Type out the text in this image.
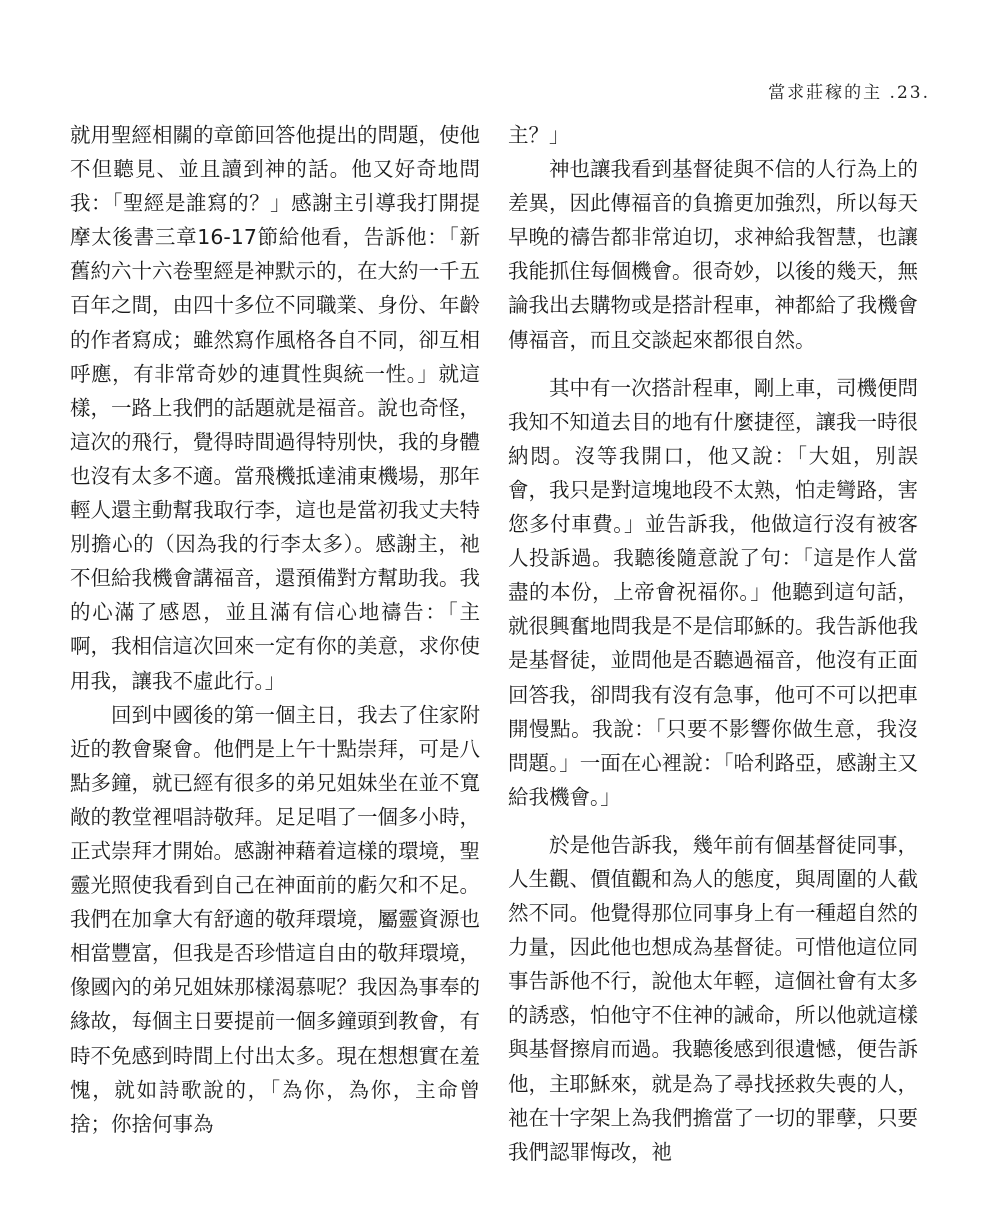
當求莊稼的主 .23.

就用聖經相關的章節回答他提出的問題，使他不但聽見、並且讀到神的話。他又好奇地問我：「聖經是誰寫的？」感謝主引導我打開提摩太後書三章16-17節給他看，告訴他：「新舊約六十六卷聖經是神默示的，在大約一千五百年之間，由四十多位不同職業、身份、年齡的作者寫成；雖然寫作風格各自不同，卻互相呼應，有非常奇妙的連貫性與統一性。」就這樣，一路上我們的話題就是福音。說也奇怪，這次的飛行，覺得時間過得特別快，我的身體也沒有太多不適。當飛機抵達浦東機場，那年輕人還主動幫我取行李，這也是當初我丈夫特別擔心的（因為我的行李太多）。感謝主，祂不但給我機會講福音，還預備對方幫助我。我的心滿了感恩，並且滿有信心地禱告：「主啊，我相信這次回來一定有你的美意，求你使用我，讓我不虛此行。」

回到中國後的第一個主日，我去了住家附近的教會聚會。他們是上午十點崇拜，可是八點多鐘，就已經有很多的弟兄姐妹坐在並不寬敞的教堂裡唱詩敬拜。足足唱了一個多小時，正式崇拜才開始。感謝神藉着這樣的環境，聖靈光照使我看到自己在神面前的虧欠和不足。我們在加拿大有舒適的敬拜環境，屬靈資源也相當豐富，但我是否珍惜這自由的敬拜環境，像國內的弟兄姐妹那樣渴慕呢？我因為事奉的緣故，每個主日要提前一個多鐘頭到教會，有時不免感到時間上付出太多。現在想想實在羞愧，就如詩歌說的，「為你，為你，主命曾捨；你捨何事為

主？」

神也讓我看到基督徒與不信的人行為上的差異，因此傳福音的負擔更加強烈，所以每天早晚的禱告都非常迫切，求神給我智慧，也讓我能抓住每個機會。很奇妙，以後的幾天，無論我出去購物或是搭計程車，神都給了我機會傳福音，而且交談起來都很自然。

其中有一次搭計程車，剛上車，司機便問我知不知道去目的地有什麼捷徑，讓我一時很納悶。沒等我開口，他又說：「大姐，別誤會，我只是對這塊地段不太熟，怕走彎路，害您多付車費。」並告訴我，他做這行沒有被客人投訴過。我聽後隨意說了句：「這是作人當盡的本份，上帝會祝福你。」他聽到這句話，就很興奮地問我是不是信耶穌的。我告訴他我是基督徒，並問他是否聽過福音，他沒有正面回答我，卻問我有沒有急事，他可不可以把車開慢點。我說：「只要不影響你做生意，我沒問題。」一面在心裡說：「哈利路亞，感謝主又給我機會。」

於是他告訴我，幾年前有個基督徒同事，人生觀、價值觀和為人的態度，與周圍的人截然不同。他覺得那位同事身上有一種超自然的力量，因此他也想成為基督徒。可惜他這位同事告訴他不行，說他太年輕，這個社會有太多的誘惑，怕他守不住神的誡命，所以他就這樣與基督擦肩而過。我聽後感到很遺憾，便告訴他，主耶穌來，就是為了尋找拯救失喪的人，祂在十字架上為我們擔當了一切的罪孽，只要我們認罪悔改，祂
